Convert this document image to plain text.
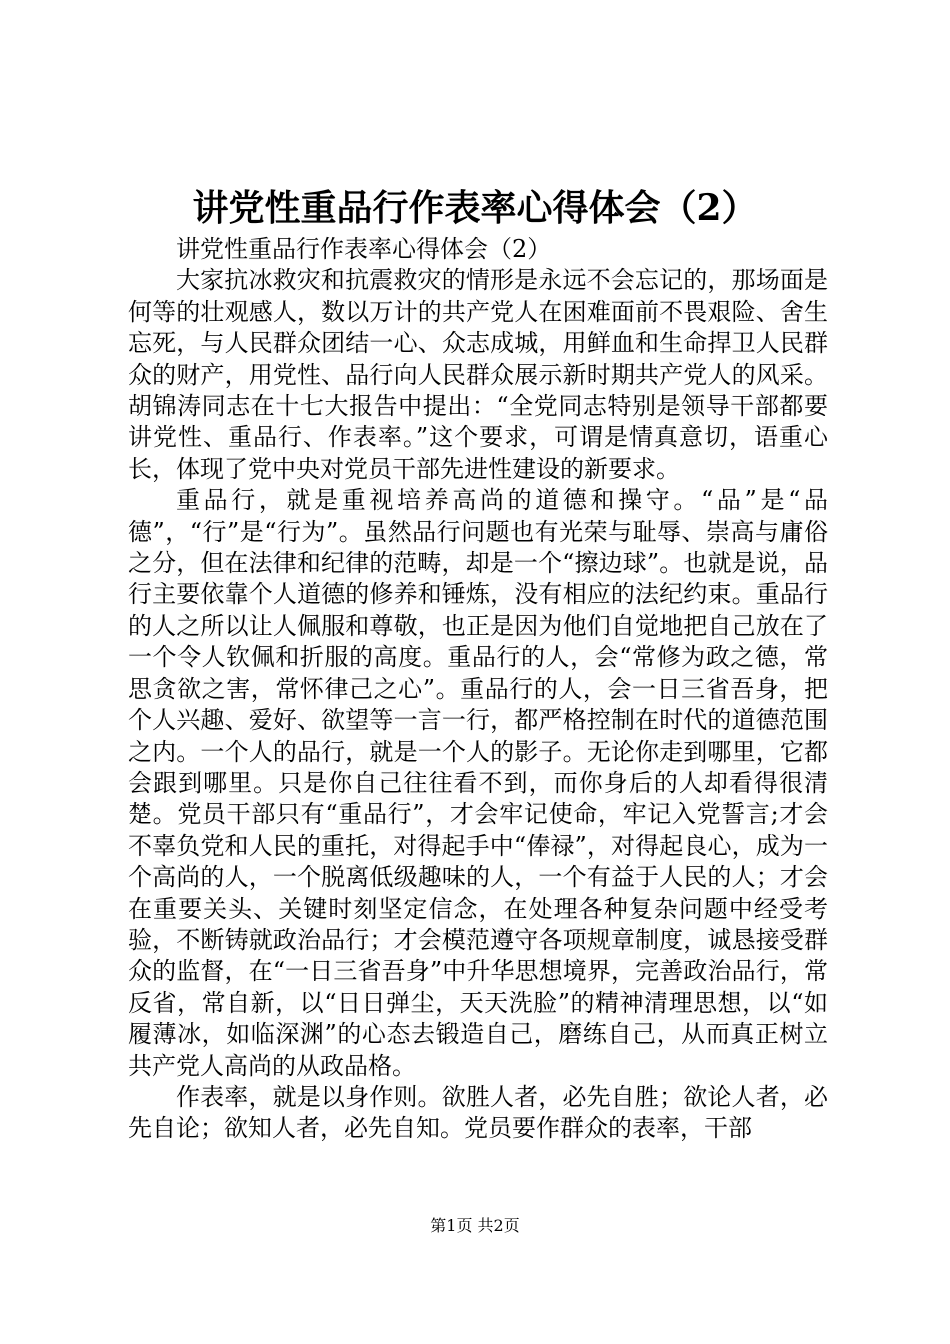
讲党性重品行作表率心得体会（2）

讲党性重品行作表率心得体会（2）

大家抗冰救灾和抗震救灾的情形是永远不会忘记的，那场面是何等的壮观感人，数以万计的共产党人在困难面前不畏艰险、舍生忘死，与人民群众团结一心、众志成城，用鲜血和生命捍卫人民群众的财产，用党性、品行向人民群众展示新时期共产党人的风采。胡锦涛同志在十七大报告中提出：“全党同志特别是领导干部都要讲党性、重品行、作表率。”这个要求，可谓是情真意切，语重心长，体现了党中央对党员干部先进性建设的新要求。

重品行，就是重视培养高尚的道德和操守。“品”是“品德”，“行”是“行为”。虽然品行问题也有光荣与耻辱、崇高与庸俗之分，但在法律和纪律的范畴，却是一个“擦边球”。也就是说，品行主要依靠个人道德的修养和锤炼，没有相应的法纪约束。重品行的人之所以让人佩服和尊敬，也正是因为他们自觉地把自己放在了一个令人钦佩和折服的高度。重品行的人，会“常修为政之德，常思贪欲之害，常怀律己之心”。重品行的人，会一日三省吾身，把个人兴趣、爱好、欲望等一言一行，都严格控制在时代的道德范围之内。一个人的品行，就是一个人的影子。无论你走到哪里，它都会跟到哪里。只是你自己往往看不到，而你身后的人却看得很清楚。党员干部只有“重品行”，才会牢记使命，牢记入党誓言;才会不辜负党和人民的重托，对得起手中“俸禄”，对得起良心，成为一个高尚的人，一个脱离低级趣味的人，一个有益于人民的人；才会在重要关头、关键时刻坚定信念，在处理各种复杂问题中经受考验，不断铸就政治品行；才会模范遵守各项规章制度，诚恳接受群众的监督，在“一日三省吾身”中升华思想境界，完善政治品行，常反省，常自新，以“日日弹尘，天天洗脸”的精神清理思想，以“如履薄冰，如临深渊”的心态去锻造自己，磨练自己，从而真正树立共产党人高尚的从政品格。

作表率，就是以身作则。欲胜人者，必先自胜；欲论人者，必先自论；欲知人者，必先自知。党员要作群众的表率，干部

第1页 共2页
